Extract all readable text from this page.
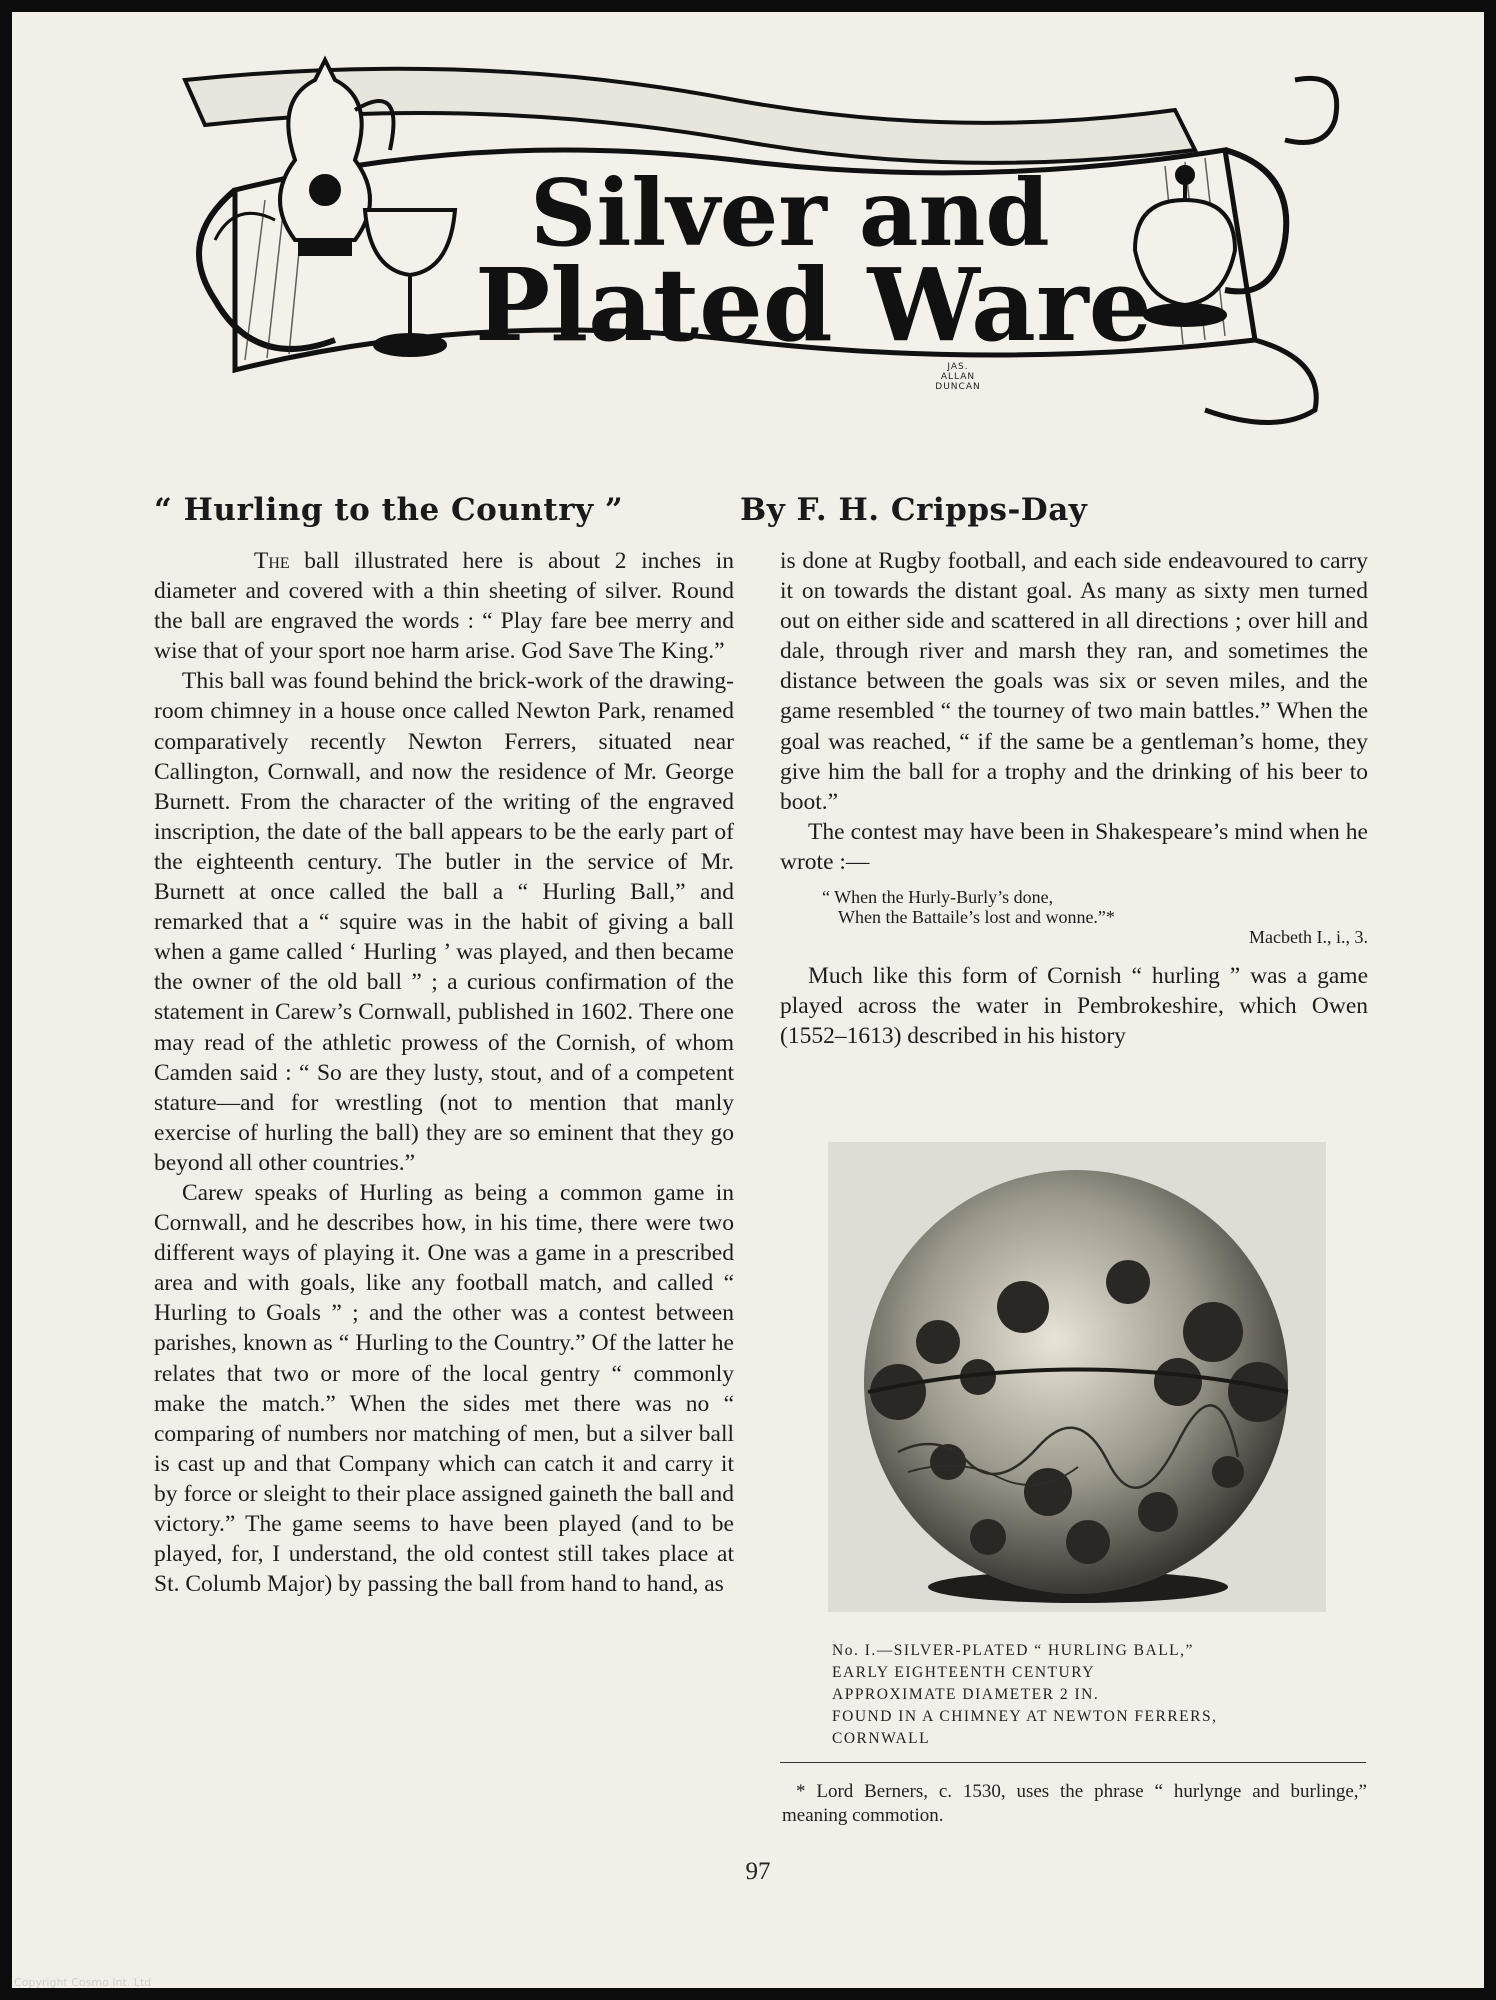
Silver and
Plated Ware
JAS.
ALLAN
DUNCAN
“ Hurling to the Country ”	By F. H. Cripps-Day

The ball illustrated here is about 2 inches in diameter and covered with a thin sheeting of silver. Round the ball are engraved the words : “ Play fare bee merry and wise that of your sport noe harm arise. God Save The King.”

This ball was found behind the brick-work of the drawing-room chimney in a house once called Newton Park, renamed comparatively recently Newton Ferrers, situated near Callington, Cornwall, and now the residence of Mr. George Burnett. From the character of the writing of the engraved inscription, the date of the ball appears to be the early part of the eighteenth century. The butler in the service of Mr. Burnett at once called the ball a “ Hurling Ball,” and remarked that a “ squire was in the habit of giving a ball when a game called ‘ Hurling ’ was played, and then became the owner of the old ball ” ; a curious confirmation of the statement in Carew’s Cornwall, published in 1602. There one may read of the athletic prowess of the Cornish, of whom Camden said : “ So are they lusty, stout, and of a competent stature—and for wrestling (not to mention that manly exercise of hurling the ball) they are so eminent that they go beyond all other countries.”

Carew speaks of Hurling as being a common game in Cornwall, and he describes how, in his time, there were two different ways of playing it. One was a game in a prescribed area and with goals, like any football match, and called “ Hurling to Goals ” ; and the other was a contest between parishes, known as “ Hurling to the Country.” Of the latter he relates that two or more of the local gentry “ commonly make the match.” When the sides met there was no “ comparing of numbers nor matching of men, but a silver ball is cast up and that Company which can catch it and carry it by force or sleight to their place assigned gaineth the ball and victory.” The game seems to have been played (and to be played, for, I understand, the old contest still takes place at St. Columb Major) by passing the ball from hand to hand, as

is done at Rugby football, and each side endeavoured to carry it on towards the distant goal. As many as sixty men turned out on either side and scattered in all directions ; over hill and dale, through river and marsh they ran, and sometimes the distance between the goals was six or seven miles, and the game resembled “ the tourney of two main battles.” When the goal was reached, “ if the same be a gentleman’s home, they give him the ball for a trophy and the drinking of his beer to boot.”

The contest may have been in Shakespeare’s mind when he wrote :—

“ When the Hurly-Burly’s done,
When the Battaile’s lost and wonne.”*
Macbeth I., i., 3.

Much like this form of Cornish “ hurling ” was a game played across the water in Pembrokeshire, which Owen (1552–1613) described in his history

No. I.—SILVER-PLATED “ HURLING BALL,”
EARLY EIGHTEENTH CENTURY
APPROXIMATE DIAMETER 2 IN.
FOUND IN A CHIMNEY AT NEWTON FERRERS,
CORNWALL
* Lord Berners, c. 1530, uses the phrase “ hurlynge and burlinge,” meaning commotion.
97
Copyright Cosmo Int. Ltd
